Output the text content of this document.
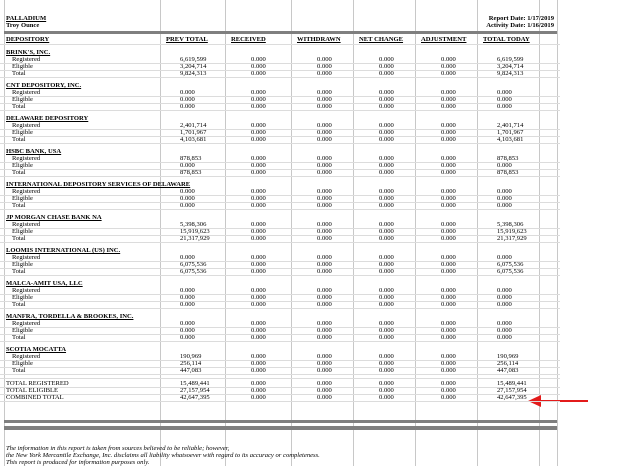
PALLADIUM
Troy Ounce
Report Date: 1/17/2019
Activity Date: 1/16/2019
DEPOSITORY	PREV TOTAL	RECEIVED	WITHDRAWN	NET CHANGE	ADJUSTMENT	TOTAL TODAY
BRINK'S, INC.
Registered	6,619,599	0.000	0.000	0.000	0.000	6,619,599
Eligible	3,204,714	0.000	0.000	0.000	0.000	3,204,714
Total	9,824,313	0.000	0.000	0.000	0.000	9,824,313
CNT DEPOSITORY, INC.
Registered	0.000	0.000	0.000	0.000	0.000	0.000
Eligible	0.000	0.000	0.000	0.000	0.000	0.000
Total	0.000	0.000	0.000	0.000	0.000	0.000
DELAWARE DEPOSITORY
Registered	2,401,714	0.000	0.000	0.000	0.000	2,401,714
Eligible	1,701,967	0.000	0.000	0.000	0.000	1,701,967
Total	4,103,681	0.000	0.000	0.000	0.000	4,103,681
HSBC BANK, USA
Registered	878,853	0.000	0.000	0.000	0.000	878,853
Eligible	0.000	0.000	0.000	0.000	0.000	0.000
Total	878,853	0.000	0.000	0.000	0.000	878,853
INTERNATIONAL DEPOSITORY SERVICES OF DELAWARE
Registered	0.000	0.000	0.000	0.000	0.000	0.000
Eligible	0.000	0.000	0.000	0.000	0.000	0.000
Total	0.000	0.000	0.000	0.000	0.000	0.000
JP MORGAN CHASE BANK NA
Registered	5,398,306	0.000	0.000	0.000	0.000	5,398,306
Eligible	15,919,623	0.000	0.000	0.000	0.000	15,919,623
Total	21,317,929	0.000	0.000	0.000	0.000	21,317,929
LOOMIS INTERNATIONAL (US) INC.
Registered	0.000	0.000	0.000	0.000	0.000	0.000
Eligible	6,075,536	0.000	0.000	0.000	0.000	6,075,536
Total	6,075,536	0.000	0.000	0.000	0.000	6,075,536
MALCA-AMIT USA, LLC
Registered	0.000	0.000	0.000	0.000	0.000	0.000
Eligible	0.000	0.000	0.000	0.000	0.000	0.000
Total	0.000	0.000	0.000	0.000	0.000	0.000
MANFRA, TORDELLA & BROOKES, INC.
Registered	0.000	0.000	0.000	0.000	0.000	0.000
Eligible	0.000	0.000	0.000	0.000	0.000	0.000
Total	0.000	0.000	0.000	0.000	0.000	0.000
SCOTIA MOCATTA
Registered	190,969	0.000	0.000	0.000	0.000	190,969
Eligible	256,114	0.000	0.000	0.000	0.000	256,114
Total	447,083	0.000	0.000	0.000	0.000	447,083
TOTAL REGISTERED	15,489,441	0.000	0.000	0.000	0.000	15,489,441
TOTAL ELIGIBLE	27,157,954	0.000	0.000	0.000	0.000	27,157,954
COMBINED TOTAL	42,647,395	0.000	0.000	0.000	0.000	42,647,395
The information in this report is taken from sources believed to be reliable; however,
the New York Mercantile Exchange, Inc. disclaims all liability whatsoever with regard to its accuracy or completeness.
This report is produced for information purposes only.
